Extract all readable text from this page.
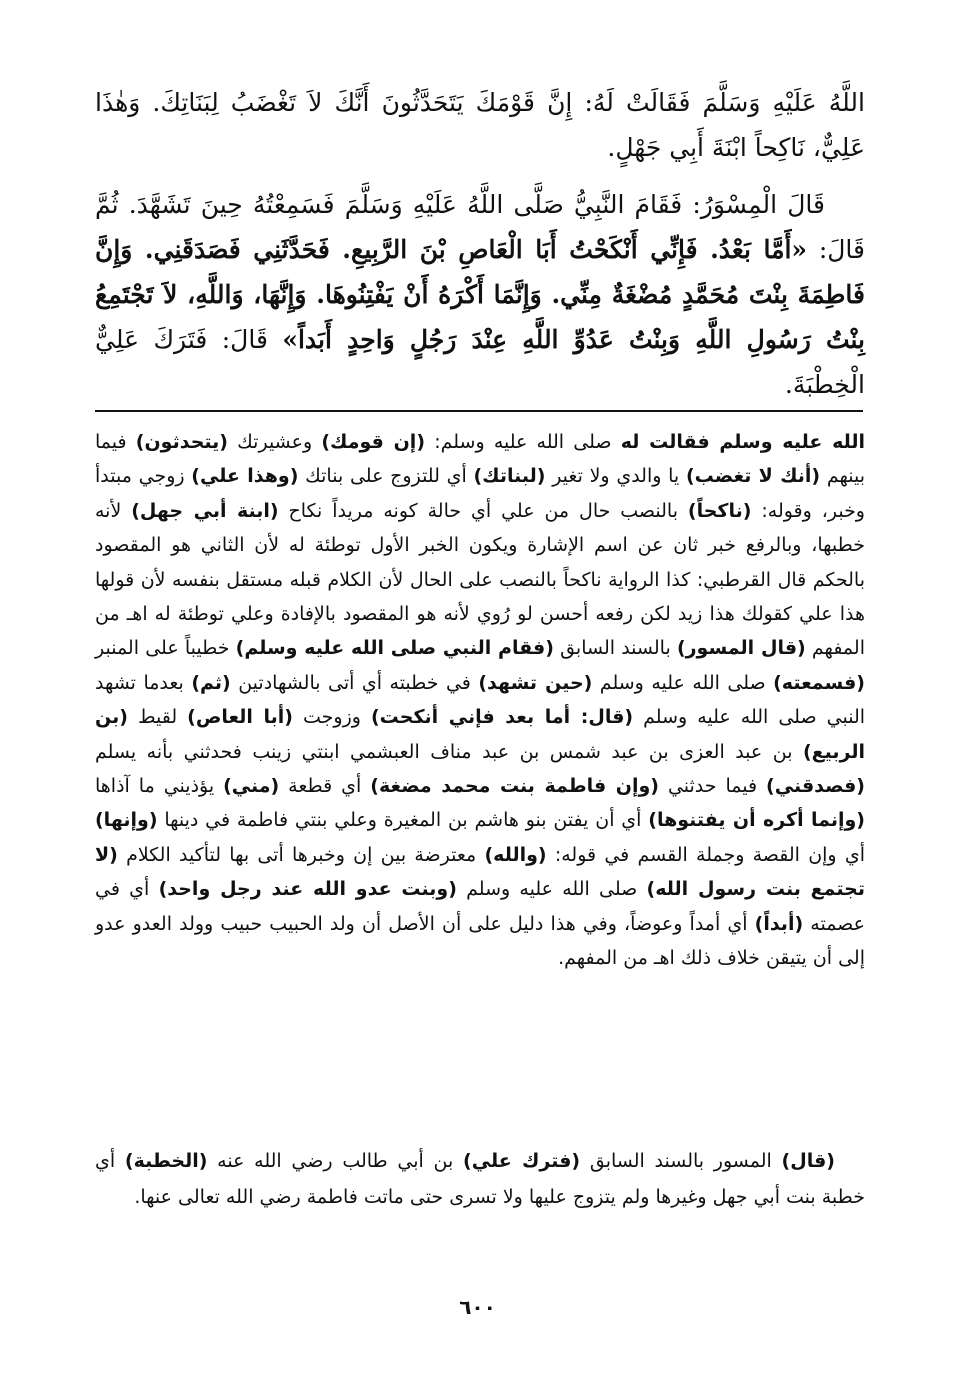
اللَّهُ عَلَيْهِ وَسَلَّمَ فَقَالَتْ لَهُ: إِنَّ قَوْمَكَ يَتَحَدَّثُونَ أَنَّكَ لاَ تَغْضَبُ لِبَنَاتِكَ. وَهٰذَا عَلِيٌّ، نَاكِحاً ابْنَةَ أَبِي جَهْلٍ.

قَالَ الْمِسْوَرُ: فَقَامَ النَّبِيُّ صَلَّى اللَّهُ عَلَيْهِ وَسَلَّمَ فَسَمِعْتُهُ حِينَ تَشَهَّدَ. ثُمَّ قَالَ: «أَمَّا بَعْدُ. فَإِنِّي أَنْكَحْتُ أَبَا الْعَاصِ بْنَ الرَّبِيعِ. فَحَدَّثَنِي فَصَدَقَنِي. وَإِنَّ فَاطِمَةَ بِنْتَ مُحَمَّدٍ مُضْغَةٌ مِنِّي. وَإِنَّمَا أَكْرَهُ أَنْ يَفْتِنُوهَا. وَإِنَّهَا، وَاللَّهِ، لاَ تَجْتَمِعُ بِنْتُ رَسُولِ اللَّهِ وَبِنْتُ عَدُوِّ اللَّهِ عِنْدَ رَجُلٍ وَاحِدٍ أَبَداً» قَالَ: فَتَرَكَ عَلِيٌّ الْخِطْبَةَ.

الله عليه وسلم فقالت له صلى الله عليه وسلم: (إن قومك) وعشيرتك (يتحدثون) فيما بينهم (أنك لا تغضب) يا والدي ولا تغير (لبناتك) أي للتزوج على بناتك (وهذا علي) زوجي مبتدأ وخبر، وقوله: (ناكحاً) بالنصب حال من علي أي حالة كونه مريداً نكاح (ابنة أبي جهل) لأنه خطبها، وبالرفع خبر ثان عن اسم الإشارة ويكون الخبر الأول توطئة له لأن الثاني هو المقصود بالحكم قال القرطبي: كذا الرواية ناكحاً بالنصب على الحال لأن الكلام قبله مستقل بنفسه لأن قولها هذا علي كقولك هذا زيد لكن رفعه أحسن لو رُوي لأنه هو المقصود بالإفادة وعلي توطئة له اهـ من المفهم (قال المسور) بالسند السابق (فقام النبي صلى الله عليه وسلم) خطيباً على المنبر (فسمعته) صلى الله عليه وسلم (حين تشهد) في خطبته أي أتى بالشهادتين (ثم) بعدما تشهد النبي صلى الله عليه وسلم (قال: أما بعد فإني أنكحت) وزوجت (أبا العاص) لقيط (بن الربيع) بن عبد العزى بن عبد شمس بن عبد مناف العبشمي ابنتي زينب فحدثني بأنه يسلم (فصدقني) فيما حدثني (وإن فاطمة بنت محمد مضغة) أي قطعة (مني) يؤذيني ما آذاها (وإنما أكره أن يفتنوها) أي أن يفتن بنو هاشم بن المغيرة وعلي بنتي فاطمة في دينها (وإنها) أي وإن القصة وجملة القسم في قوله: (والله) معترضة بين إن وخبرها أتى بها لتأكيد الكلام (لا تجتمع بنت رسول الله) صلى الله عليه وسلم (وبنت عدو الله عند رجل واحد) أي في عصمته (أبداً) أي أمداً وعوضاً، وفي هذا دليل على أن الأصل أن ولد الحبيب حبيب وولد العدو عدو إلى أن يتيقن خلاف ذلك اهـ من المفهم.

(قال) المسور بالسند السابق (فترك علي) بن أبي طالب رضي الله عنه (الخطبة) أي خطبة بنت أبي جهل وغيرها ولم يتزوج عليها ولا تسرى حتى ماتت فاطمة رضي الله تعالى عنها.
٦٠٠
